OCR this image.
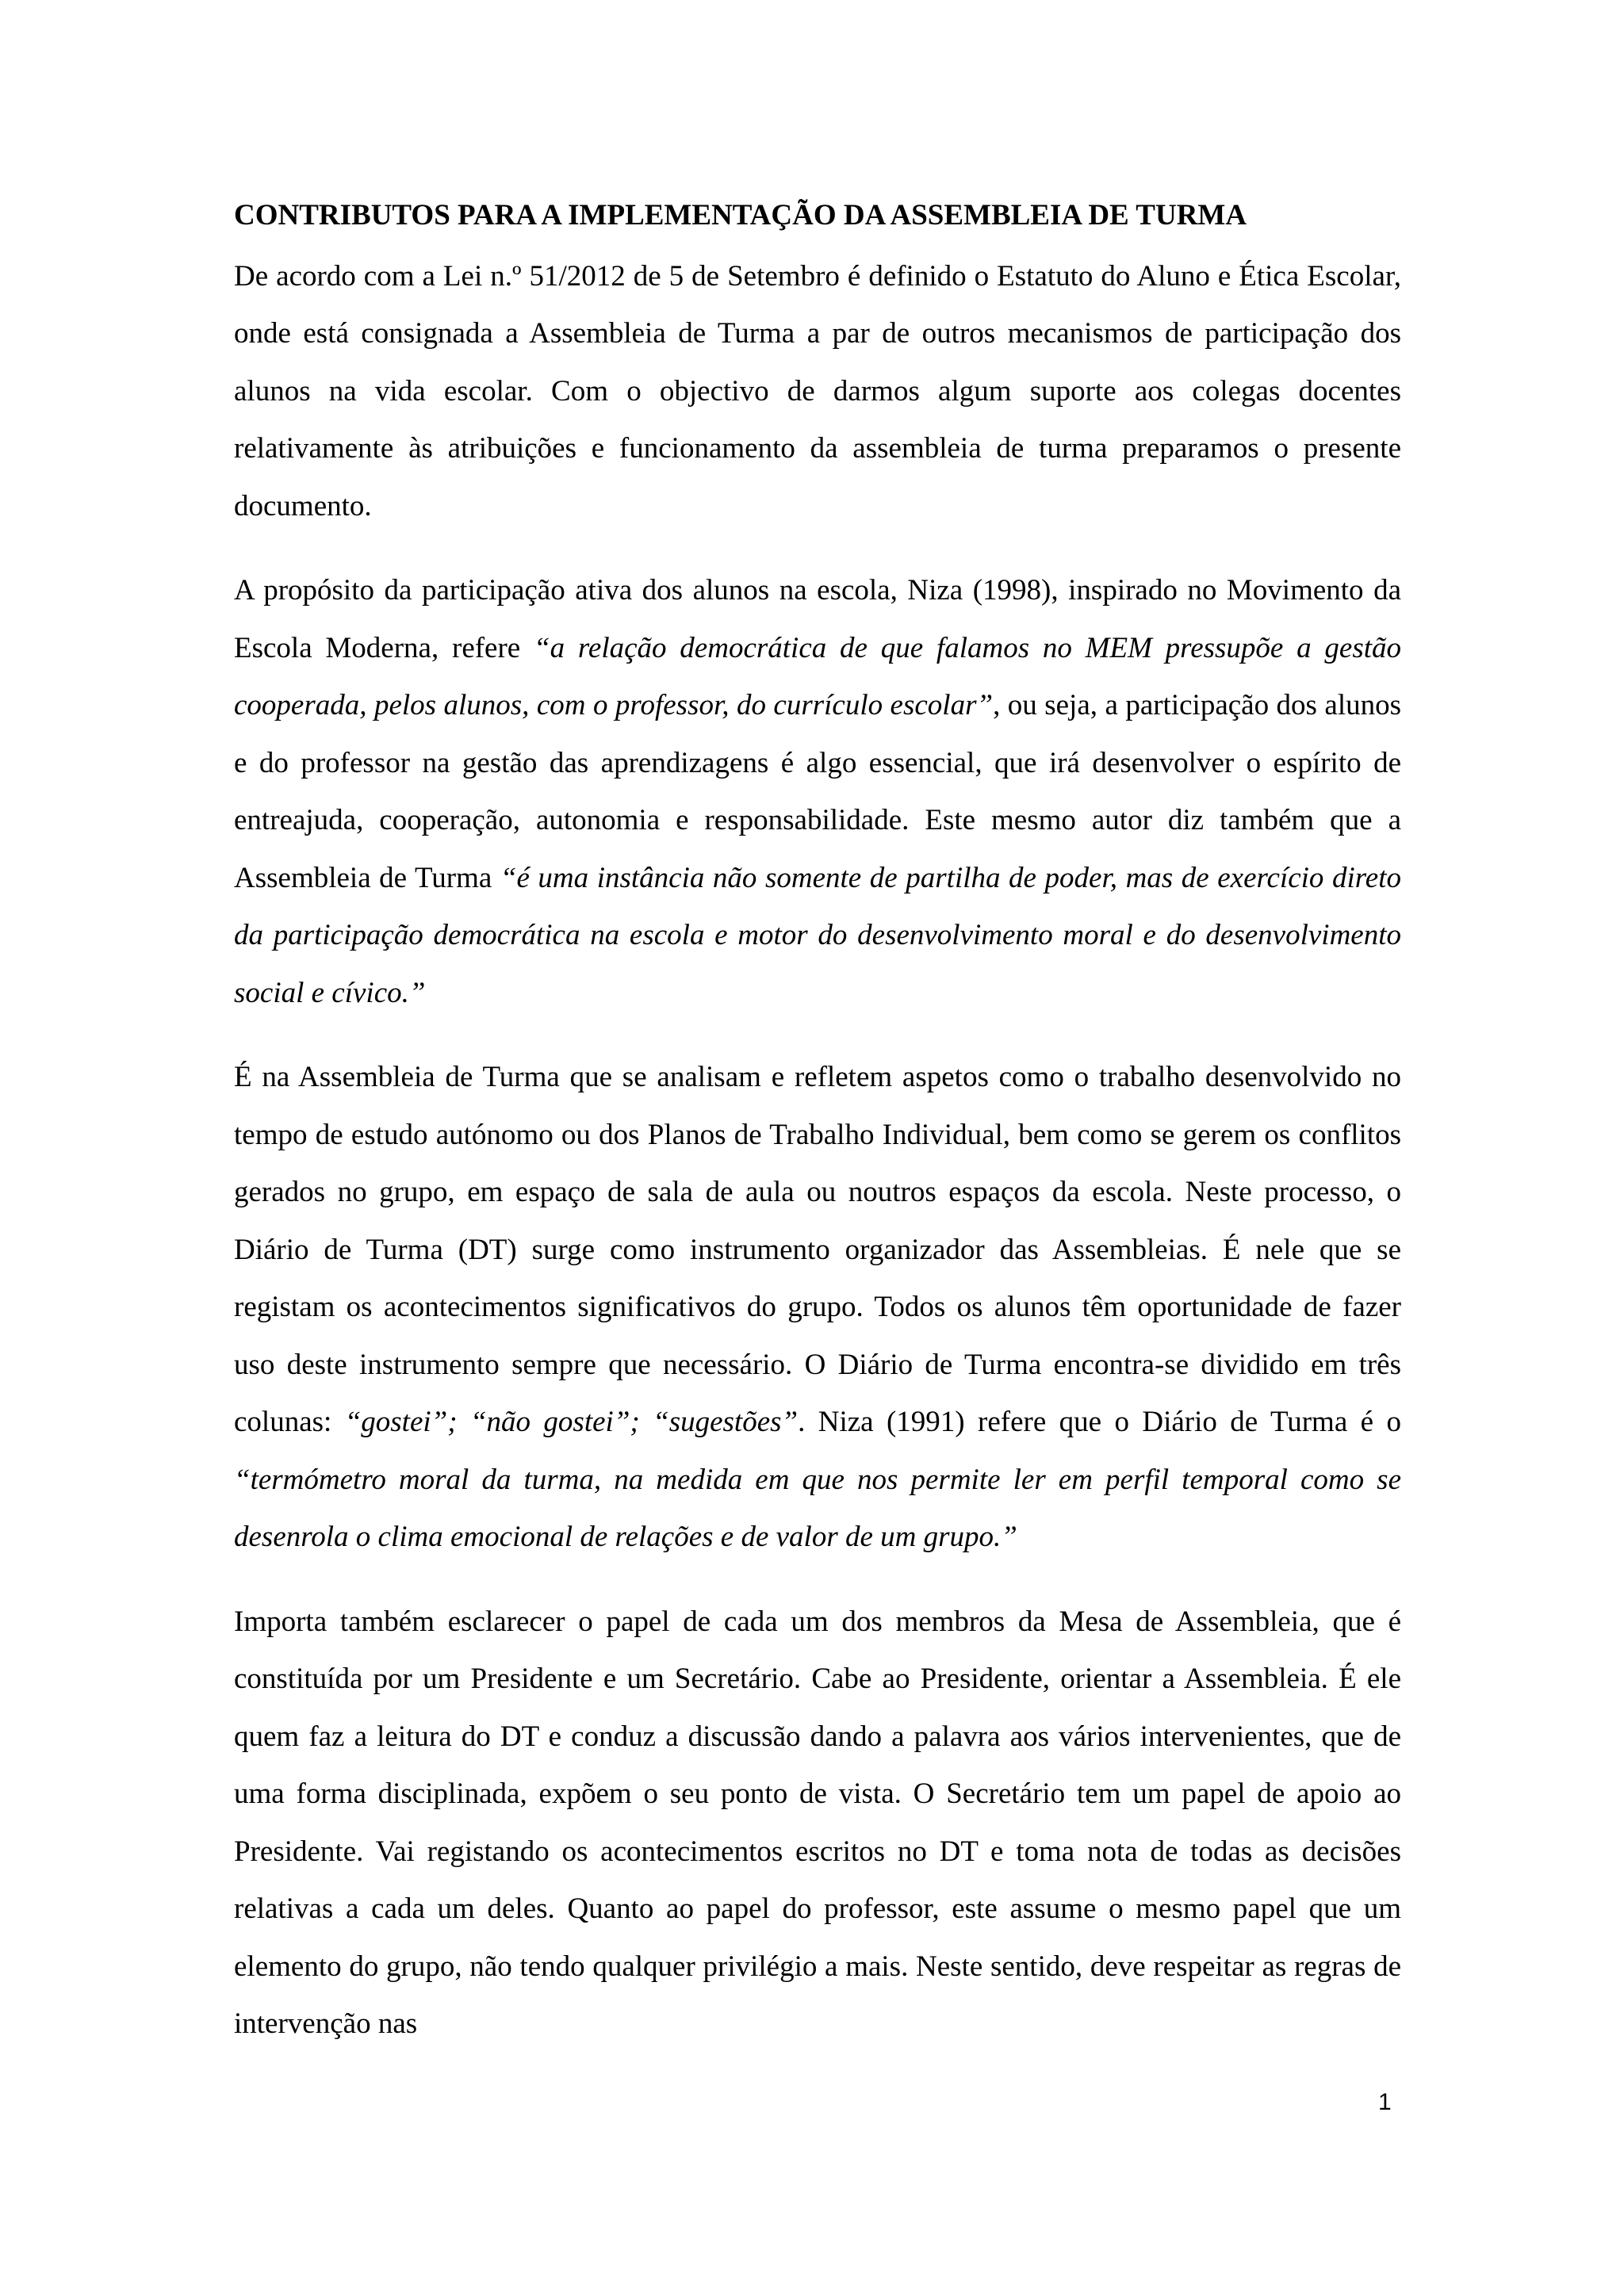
CONTRIBUTOS PARA A IMPLEMENTAÇÃO DA ASSEMBLEIA DE TURMA

De acordo com a Lei n.º 51/2012 de 5 de Setembro é definido o Estatuto do Aluno e Ética Escolar, onde está consignada a Assembleia de Turma a par de outros mecanismos de participação dos alunos na vida escolar. Com o objectivo de darmos algum suporte aos colegas docentes relativamente às atribuições e funcionamento da assembleia de turma preparamos o presente documento.

A propósito da participação ativa dos alunos na escola, Niza (1998), inspirado no Movimento da Escola Moderna, refere “a relação democrática de que falamos no MEM pressupõe a gestão cooperada, pelos alunos, com o professor, do currículo escolar”, ou seja, a participação dos alunos e do professor na gestão das aprendizagens é algo essencial, que irá desenvolver o espírito de entreajuda, cooperação, autonomia e responsabilidade. Este mesmo autor diz também que a Assembleia de Turma “é uma instância não somente de partilha de poder, mas de exercício direto da participação democrática na escola e motor do desenvolvimento moral e do desenvolvimento social e cívico.”

É na Assembleia de Turma que se analisam e refletem aspetos como o trabalho desenvolvido no tempo de estudo autónomo ou dos Planos de Trabalho Individual, bem como se gerem os conflitos gerados no grupo, em espaço de sala de aula ou noutros espaços da escola. Neste processo, o Diário de Turma (DT) surge como instrumento organizador das Assembleias. É nele que se registam os acontecimentos significativos do grupo. Todos os alunos têm oportunidade de fazer uso deste instrumento sempre que necessário. O Diário de Turma encontra-se dividido em três colunas: “gostei”; “não gostei”; “sugestões”. Niza (1991) refere que o Diário de Turma é o “termómetro moral da turma, na medida em que nos permite ler em perfil temporal como se desenrola o clima emocional de relações e de valor de um grupo.”

Importa também esclarecer o papel de cada um dos membros da Mesa de Assembleia, que é constituída por um Presidente e um Secretário. Cabe ao Presidente, orientar a Assembleia. É ele quem faz a leitura do DT e conduz a discussão dando a palavra aos vários intervenientes, que de uma forma disciplinada, expõem o seu ponto de vista. O Secretário tem um papel de apoio ao Presidente. Vai registando os acontecimentos escritos no DT e toma nota de todas as decisões relativas a cada um deles. Quanto ao papel do professor, este assume o mesmo papel que um elemento do grupo, não tendo qualquer privilégio a mais. Neste sentido, deve respeitar as regras de intervenção nas

1
